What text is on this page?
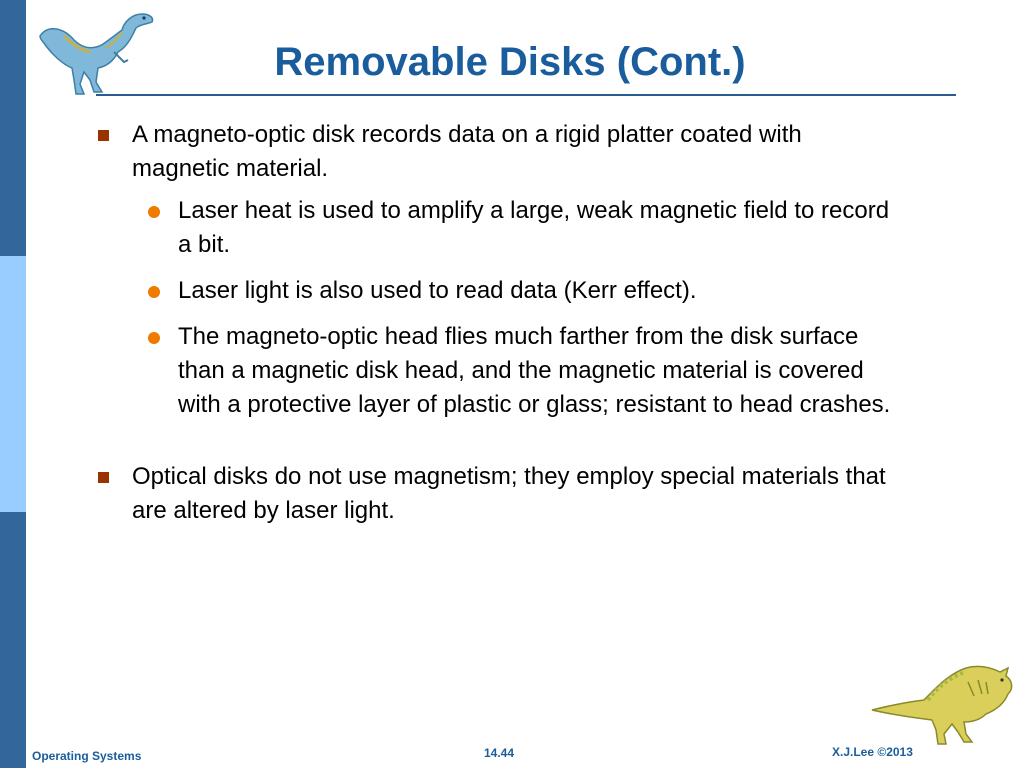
Removable Disks (Cont.)
A magneto-optic disk records data on a rigid platter coated with magnetic material.
Laser heat is used to amplify a large, weak magnetic field to record a bit.
Laser light is also used to read data (Kerr effect).
The magneto-optic head flies much farther from the disk surface than a magnetic disk head, and the magnetic material is covered with a protective layer of plastic or glass; resistant to head crashes.
Optical disks do not use magnetism; they employ special materials that are altered by laser light.
Operating Systems	14.44	X.J.Lee ©2013
